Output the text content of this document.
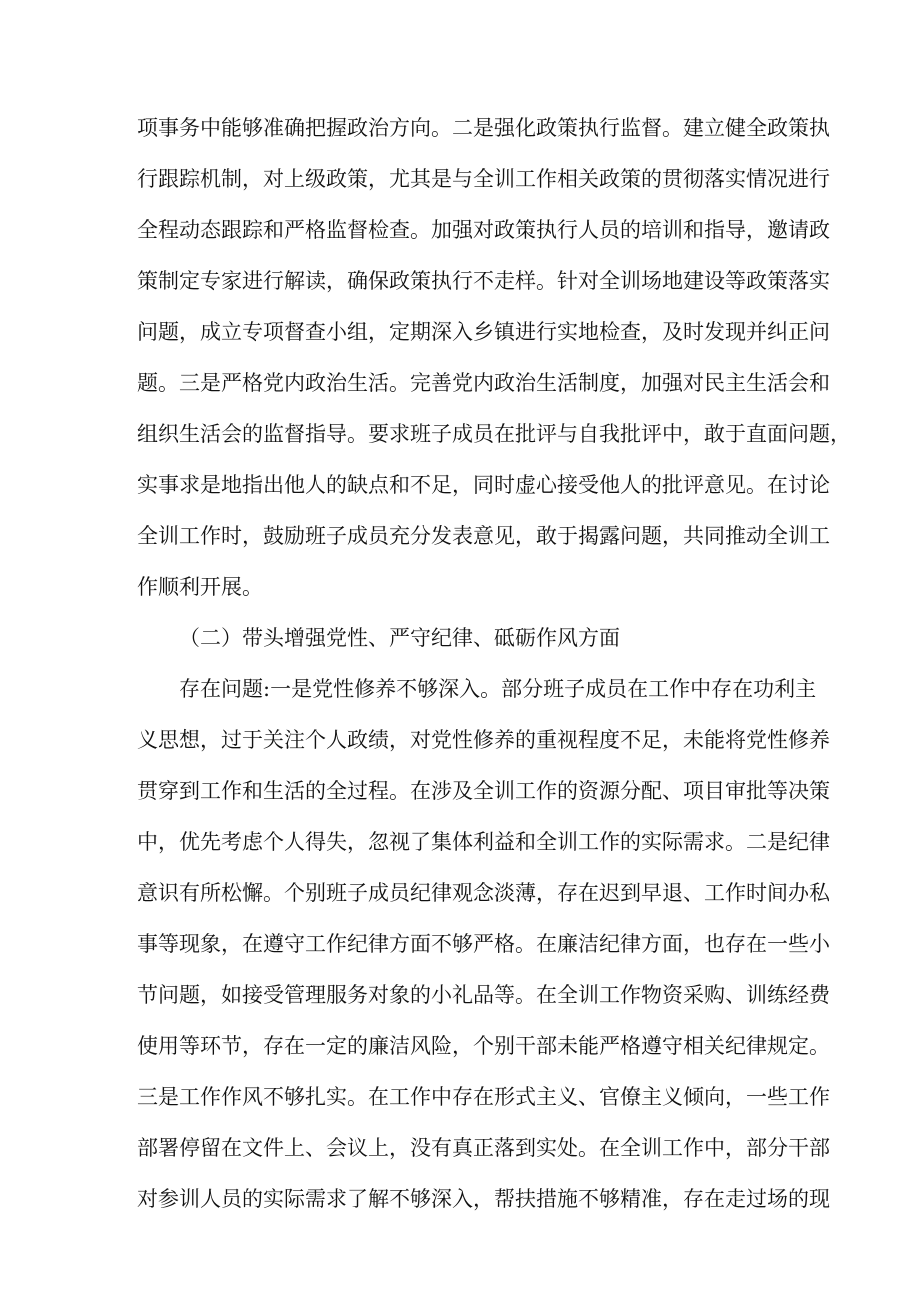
项事务中能够准确把握政治方向。二是强化政策执行监督。建立健全政策执
行跟踪机制，对上级政策，尤其是与全训工作相关政策的贯彻落实情况进行
全程动态跟踪和严格监督检查。加强对政策执行人员的培训和指导，邀请政
策制定专家进行解读，确保政策执行不走样。针对全训场地建设等政策落实
问题，成立专项督查小组，定期深入乡镇进行实地检查，及时发现并纠正问
题。三是严格党内政治生活。完善党内政治生活制度，加强对民主生活会和
组织生活会的监督指导。要求班子成员在批评与自我批评中，敢于直面问题，
实事求是地指出他人的缺点和不足，同时虚心接受他人的批评意见。在讨论
全训工作时，鼓励班子成员充分发表意见，敢于揭露问题，共同推动全训工
作顺利开展。
（二）带头增强党性、严守纪律、砥砺作风方面
存在问题:一是党性修养不够深入。部分班子成员在工作中存在功利主
义思想，过于关注个人政绩，对党性修养的重视程度不足，未能将党性修养
贯穿到工作和生活的全过程。在涉及全训工作的资源分配、项目审批等决策
中，优先考虑个人得失，忽视了集体利益和全训工作的实际需求。二是纪律
意识有所松懈。个别班子成员纪律观念淡薄，存在迟到早退、工作时间办私
事等现象，在遵守工作纪律方面不够严格。在廉洁纪律方面，也存在一些小
节问题，如接受管理服务对象的小礼品等。在全训工作物资采购、训练经费
使用等环节，存在一定的廉洁风险，个别干部未能严格遵守相关纪律规定。
三是工作作风不够扎实。在工作中存在形式主义、官僚主义倾向，一些工作
部署停留在文件上、会议上，没有真正落到实处。在全训工作中，部分干部
对参训人员的实际需求了解不够深入，帮扶措施不够精准，存在走过场的现
